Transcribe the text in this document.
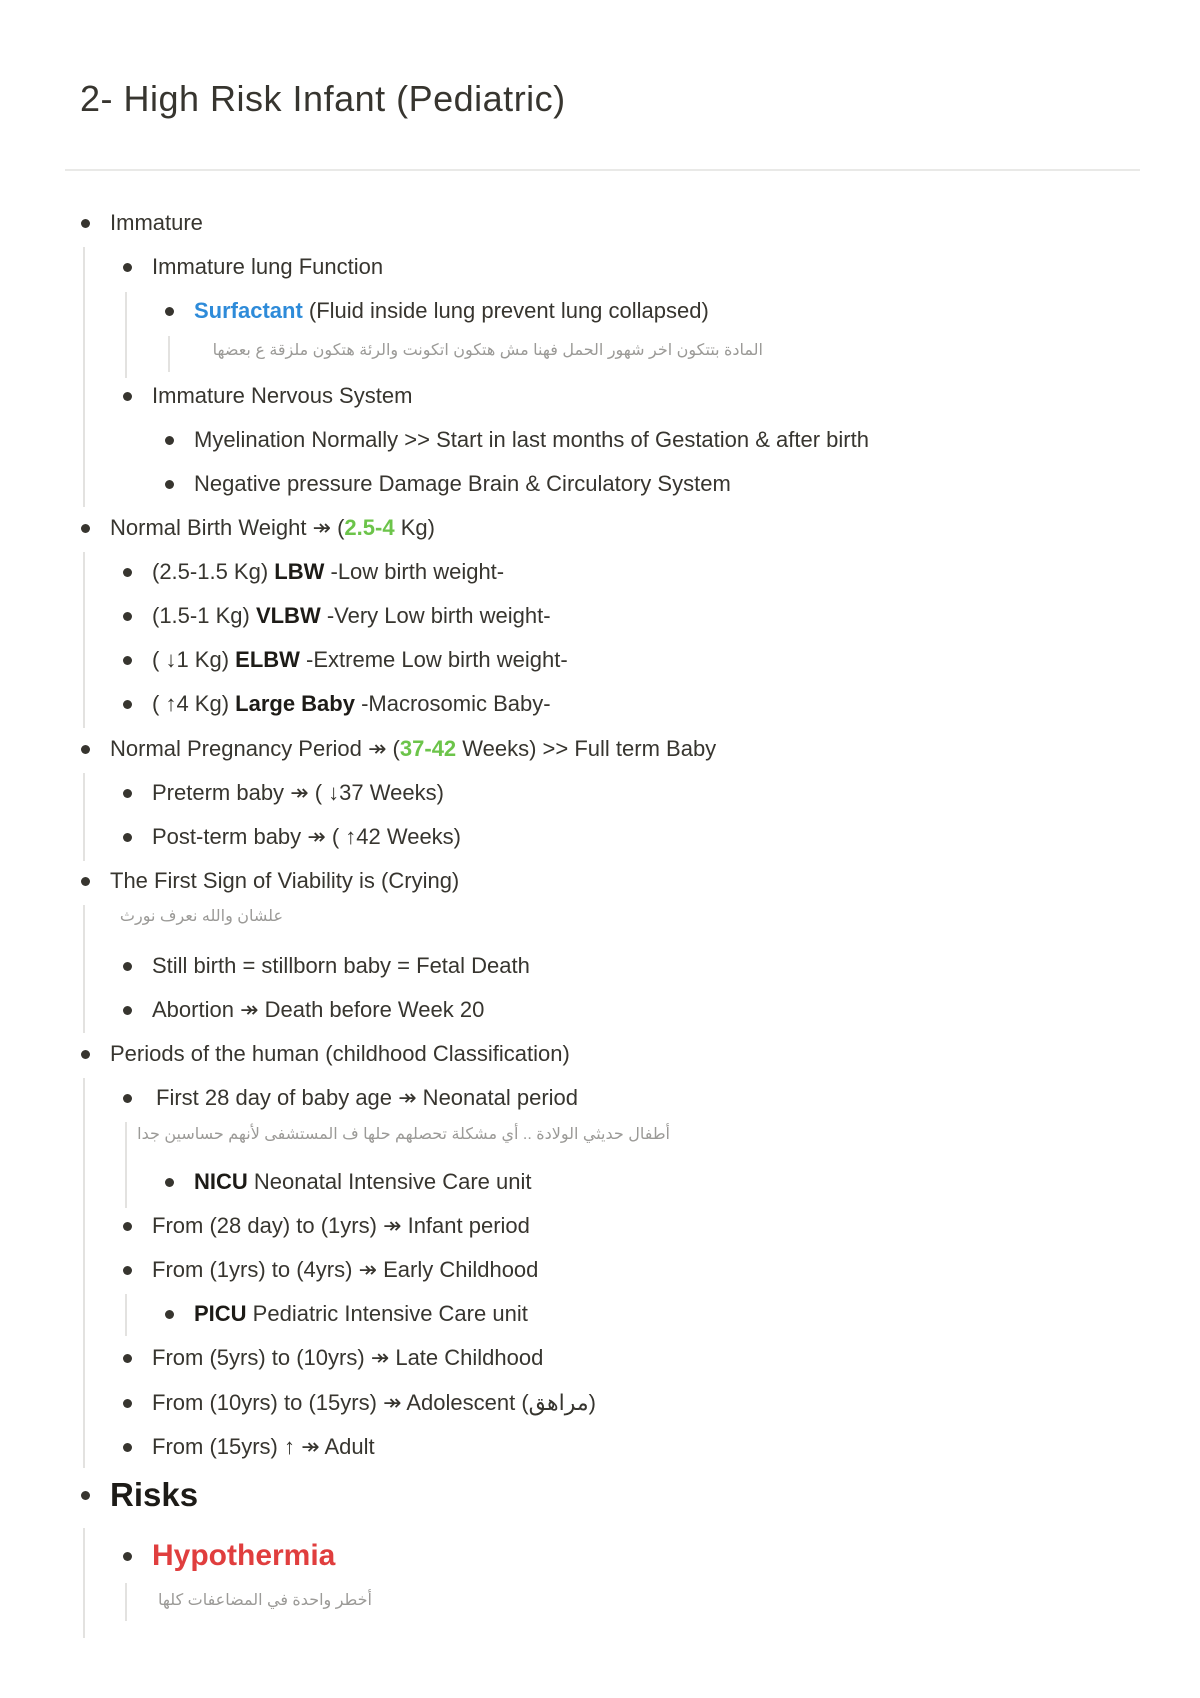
2- High Risk Infant (Pediatric)
Immature
Immature lung Function
Surfactant (Fluid inside lung prevent lung collapsed)
المادة بتتكون اخر شهور الحمل فهنا مش هتكون اتكونت والرئة هتكون ملزقة ع بعضها
Immature Nervous System
Myelination Normally >> Start in last months of Gestation & after birth
Negative pressure Damage Brain & Circulatory System
Normal Birth Weight ↠ (2.5-4 Kg)
(2.5-1.5 Kg) LBW -Low birth weight-
(1.5-1 Kg) VLBW -Very Low birth weight-
( ↓1 Kg) ELBW -Extreme Low birth weight-
( ↑4 Kg) Large Baby -Macrosomic Baby-
Normal Pregnancy Period ↠ (37-42 Weeks) >> Full term Baby
Preterm baby ↠ ( ↓37 Weeks)
Post-term baby ↠ ( ↑42 Weeks)
The First Sign of Viability is (Crying)
علشان والله نعرف نورث
Still birth = stillborn baby = Fetal Death
Abortion ↠ Death before Week 20
Periods of the human (childhood Classification)
First 28 day of baby age ↠ Neonatal period
أطفال حديثي الولادة .. أي مشكلة تحصلهم حلها ف المستشفى لأنهم حساسين جدا
NICU Neonatal Intensive Care unit
From (28 day) to (1yrs) ↠ Infant period
From (1yrs) to (4yrs) ↠ Early Childhood
PICU Pediatric Intensive Care unit
From (5yrs) to (10yrs) ↠ Late Childhood
From (10yrs) to (15yrs) ↠ Adolescent (مراهق)
From (15yrs) ↑ ↠ Adult
Risks
Hypothermia
أخطر واحدة في المضاعفات كلها
